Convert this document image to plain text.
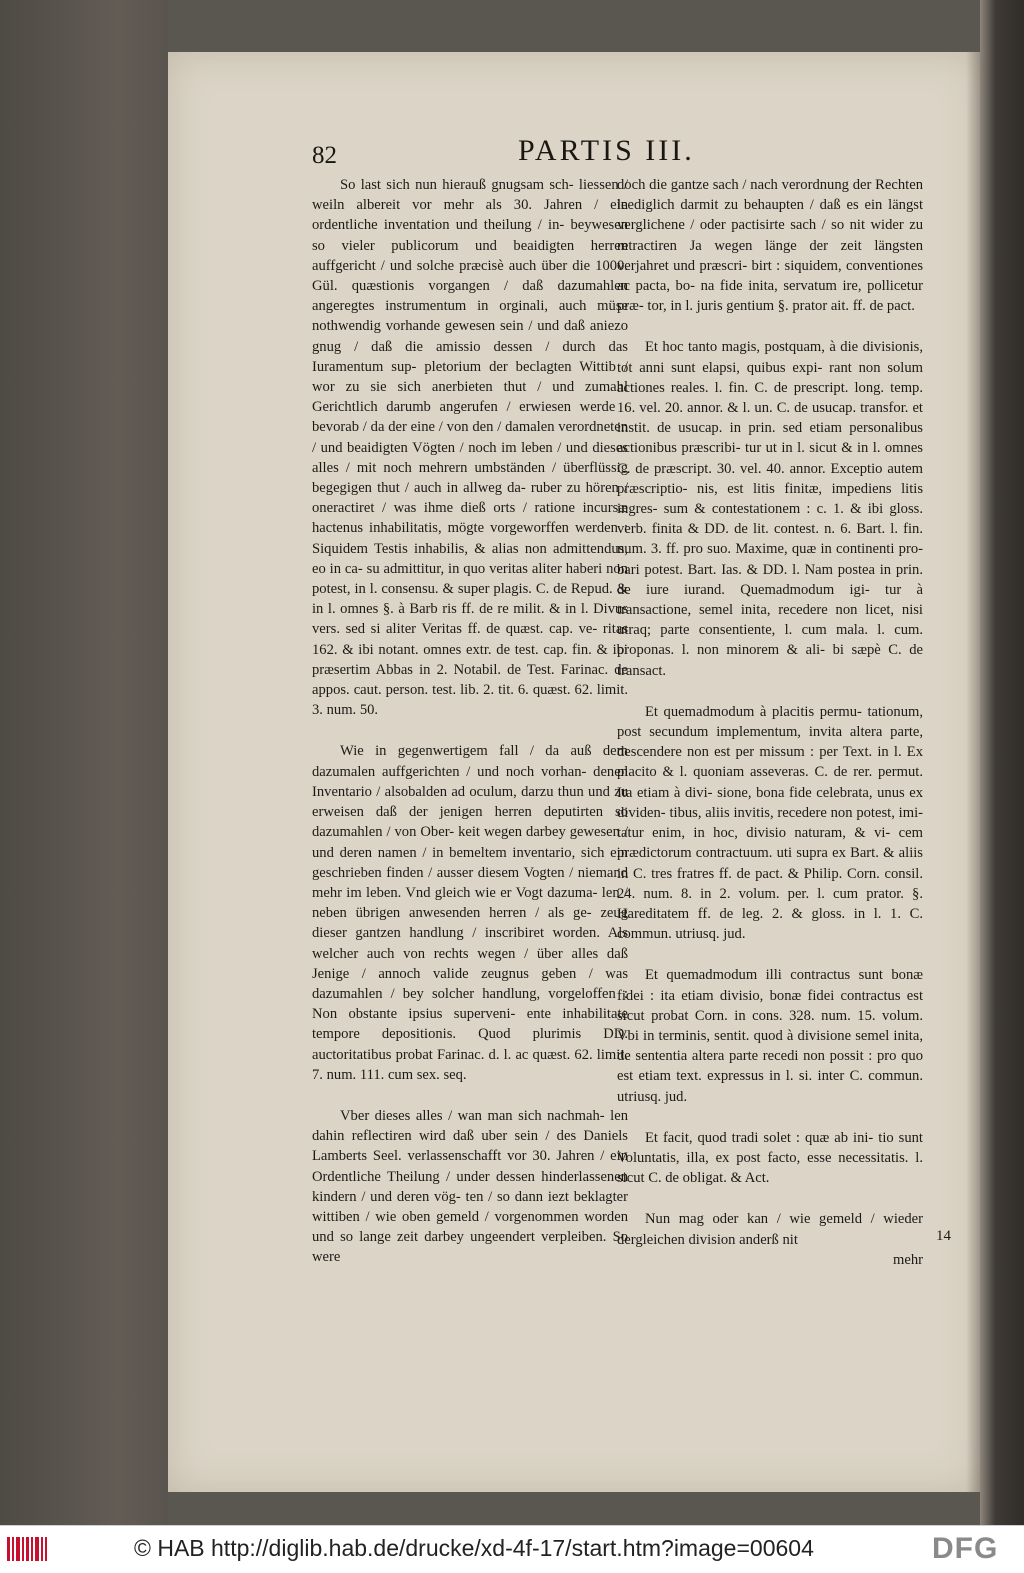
82	PARTIS III.

So last sich nun hierauß gnugsam sch- liessen / weiln albereit vor mehr als 30. Jahren / ein ordentliche inventation und theilung / in- beywesen so vieler publicorum und beaidigten herren auffgericht / und solche præcisè auch über die 1000. Gül. quæstionis vorgangen / daß dazumahlen angeregtes instrumentum in orginali, auch müse nothwendig vorhande gewesen sein / und daß aniezo gnug / daß die amissio dessen / durch das Iuramentum sup- pletorium der beclagten Wittib / wor zu sie sich anerbieten thut / und zumahl Gerichtlich darumb angerufen / erwiesen werde : bevorab / da der eine / von den / damalen verordneten / und beaidigten Vögten / noch im leben / und dieses alles / mit noch mehrern umbständen / überflüssig begegigen thut / auch in allweg da- ruber zu hören / oneractiret / was ihme dieß orts / ratione incursæ hactenus inhabilitatis, mögte vorgeworffen werden : Siquidem Testis inhabilis, & alias non admittendus, eo in ca- su admittitur, in quo veritas aliter haberi non potest, in l. consensu. & super plagis. C. de Repud. & in l. omnes §. à Barb ris ff. de re milit. & in l. Divus vers. sed si aliter Veritas ff. de quæst. cap. ve- ritas 162. & ibi notant. omnes extr. de test. cap. fin. & ibi præsertim Abbas in 2. Notabil. de Test. Farinac. de appos. caut. person. test. lib. 2. tit. 6. quæst. 62. limit. 3. num. 50.

Wie in gegenwertigem fall / da auß dem dazumalen auffgerichten / und noch vorhan- denen Inventario / alsobalden ad oculum, darzu thun und zu erweisen daß der jenigen herren deputirten so dazumahlen / von Ober- keit wegen darbey gewesen / und deren namen / in bemeltem inventario, sich ein geschrieben finden / ausser diesem Vogten / niemand mehr im leben. Vnd gleich wie er Vogt dazuma- len / neben übrigen anwesenden herren / als ge- zeug dieser gantzen handlung / inscribiret worden. Als welcher auch von rechts wegen / über alles daß Jenige / annoch valide zeugnus geben / was dazumahlen / bey solcher handlung, vorgeloffen : Non obstante ipsius superveni- ente inhabilitate tempore depositionis. Quod plurimis DD. auctoritatibus probat Farinac. d. l. ac quæst. 62. limit. 7. num. 111. cum sex. seq.

Vber dieses alles / wan man sich nachmah- len dahin reflectiren wird daß uber sein / des Daniels Lamberts Seel. verlassenschafft vor 30. Jahren / ein Ordentliche Theilung / under dessen hinderlassenen kindern / und deren vög- ten / so dann iezt beklagter wittiben / wie oben gemeld / vorgenommen worden und so lange zeit darbey ungeendert verpleiben. So were

doch die gantze sach / nach verordnung der Rechten leediglich darmit zu behaupten / daß es ein längst verglichene / oder pactisirte sach / so nit wider zu retractiren Ja wegen länge der zeit längsten verjahret und præscri- birt : siquidem, conventiones ac pacta, bo- na fide inita, servatum ire, pollicetur præ- tor, in l. juris gentium §. prator ait. ff. de pact.

Et hoc tanto magis, postquam, à die divisionis, tot anni sunt elapsi, quibus expi- rant non solum actiones reales. l. fin. C. de prescript. long. temp. 16. vel. 20. annor. & l. un. C. de usucap. transfor. et instit. de usucap. in prin. sed etiam personalibus actionibus præscribi- tur ut in l. sicut & in l. omnes C. de præscript. 30. vel. 40. annor. Exceptio autem præscriptio- nis, est litis finitæ, impediens litis ingres- sum & contestationem : c. 1. & ibi gloss. verb. finita & DD. de lit. contest. n. 6. Bart. l. fin. num. 3. ff. pro suo. Maxime, quæ in continenti pro- bari potest. Bart. Ias. & DD. l. Nam postea in prin. de iure iurand. Quemadmodum igi- tur à transactione, semel inita, recedere non licet, nisi utraq; parte consentiente, l. cum mala. l. cum. proponas. l. non minorem & ali- bi sæpè C. de transact.

Et quemadmodum à placitis permu- tationum, post secundum implementum, invita altera parte, descendere non est per missum : per Text. in l. Ex placito & l. quoniam asseveras. C. de rer. permut. Ita etiam à divi- sione, bona fide celebrata, unus ex dividen- tibus, aliis invitis, recedere non potest, imi- tatur enim, in hoc, divisio naturam, & vi- cem prædictorum contractuum. uti supra ex Bart. & aliis in C. tres fratres ff. de pact. & Philip. Corn. consil. 24. num. 8. in 2. volum. per. l. cum prator. §. Hareditatem ff. de leg. 2. & gloss. in l. 1. C. commun. utriusq. jud.

Et quemadmodum illi contractus sunt bonæ fidei : ita etiam divisio, bonæ fidei contractus est sicut probat Corn. in cons. 328. num. 15. volum. Vbi in terminis, sentit. quod à divisione semel inita, de sententia altera parte recedi non possit : pro quo est etiam text. expressus in l. si. inter C. commun. utriusq. jud.

Et facit, quod tradi solet : quæ ab ini- tio sunt Voluntatis, illa, ex post facto, esse necessitatis. l. sicut C. de obligat. & Act.

Nun mag oder kan / wie gemeld / wieder dergleichen division anderß nit

mehr
14
© HAB http://diglib.hab.de/drucke/xd-4f-17/start.htm?image=00604	DFG
